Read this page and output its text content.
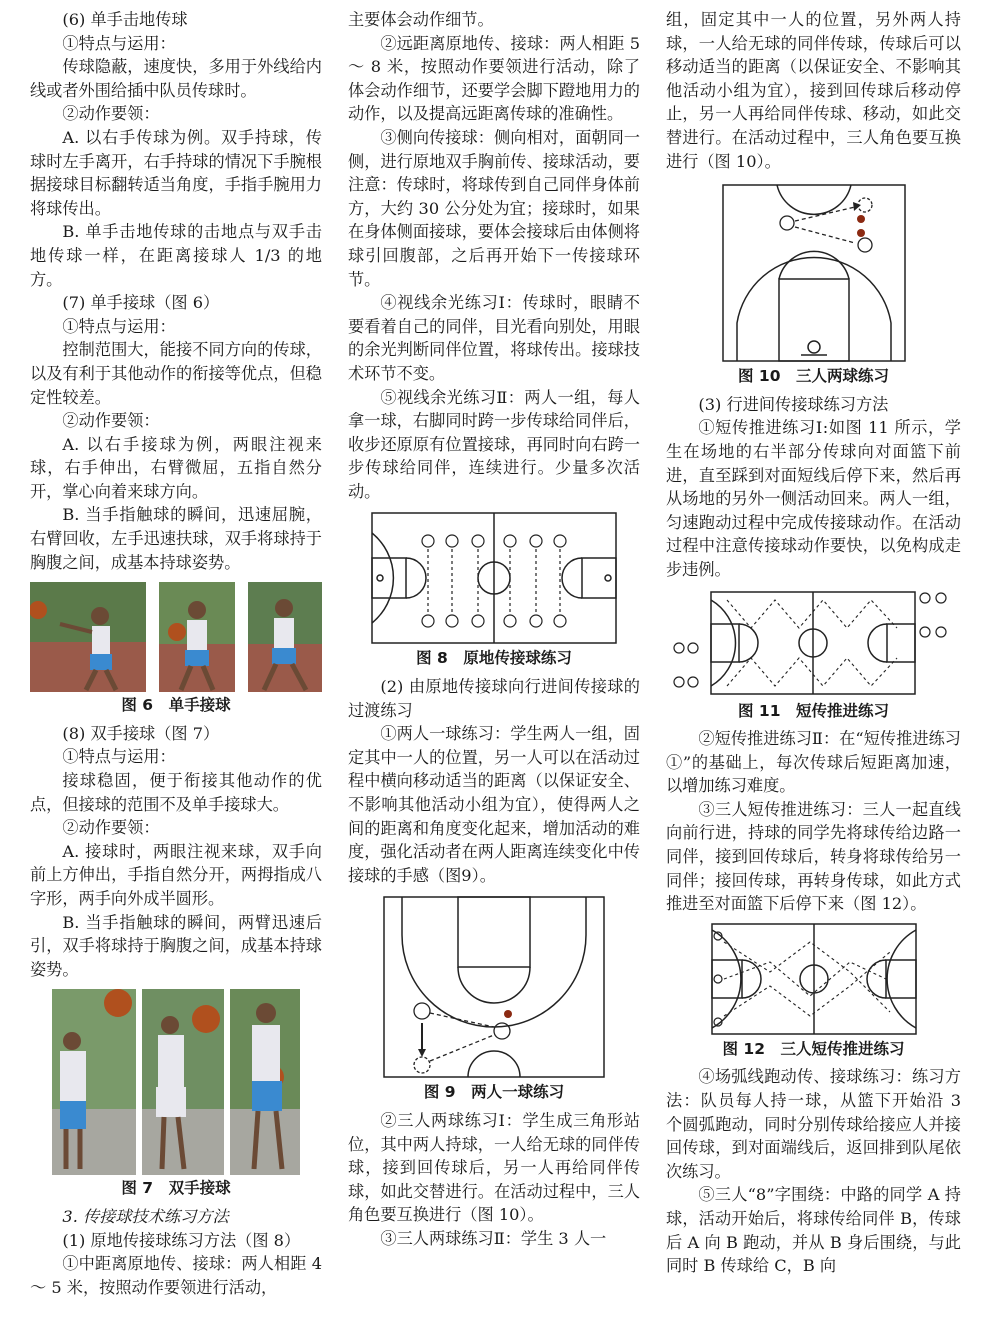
(6) 单手击地传球

①特点与运用：

传球隐蔽，速度快，多用于外线给内线或者外围给插中队员传球时。

②动作要领：

A. 以右手传球为例。双手持球，传球时左手离开，右手持球的情况下手腕根据接球目标翻转适当角度，手指手腕用力将球传出。

B. 单手击地传球的击地点与双手击地传球一样，在距离接球人 1/3 的地方。

(7) 单手接球（图 6）

①特点与运用：

控制范围大，能接不同方向的传球，以及有利于其他动作的衔接等优点，但稳定性较差。

②动作要领：

A. 以右手接球为例，两眼注视来球，右手伸出，右臂微屈，五指自然分开，掌心向着来球方向。

B. 当手指触球的瞬间，迅速屈腕，右臂回收，左手迅速扶球，双手将球持于胸腹之间，成基本持球姿势。

图 6　单手接球

(8) 双手接球（图 7）

①特点与运用：

接球稳固，便于衔接其他动作的优点，但接球的范围不及单手接球大。

②动作要领：

A. 接球时，两眼注视来球，双手向前上方伸出，手指自然分开，两拇指成八字形，两手向外成半圆形。

B. 当手指触球的瞬间，两臂迅速后引，双手将球持于胸腹之间，成基本持球姿势。

图 7　双手接球

3. 传接球技术练习方法

(1) 原地传接球练习方法（图 8）

①中距离原地传、接球：两人相距 4 ～ 5 米，按照动作要领进行活动，

主要体会动作细节。

②远距离原地传、接球：两人相距 5 ～ 8 米，按照动作要领进行活动，除了体会动作细节，还要学会脚下蹬地用力的动作，以及提高远距离传球的准确性。

③侧向传接球：侧向相对，面朝同一侧，进行原地双手胸前传、接球活动，要注意：传球时，将球传到自己同伴身体前方，大约 30 公分处为宜；接球时，如果在身体侧面接球，要体会接球后由体侧将球引回腹部，之后再开始下一传接球环节。

④视线余光练习Ⅰ：传球时，眼睛不要看着自己的同伴，目光看向别处，用眼的余光判断同伴位置，将球传出。接球技术环节不变。

⑤视线余光练习Ⅱ：两人一组，每人拿一球，右脚同时跨一步传球给同伴后，收步还原原有位置接球，再同时向右跨一步传球给同伴，连续进行。少量多次活动。

图 8　原地传接球练习

(2) 由原地传接球向行进间传接球的过渡练习

①两人一球练习：学生两人一组，固定其中一人的位置，另一人可以在活动过程中横向移动适当的距离（以保证安全、不影响其他活动小组为宜），使得两人之间的距离和角度变化起来，增加活动的难度，强化活动者在两人距离连续变化中传接球的手感（图9）。

图 9　两人一球练习

②三人两球练习Ⅰ：学生成三角形站位，其中两人持球，一人给无球的同伴传球，接到回传球后，另一人再给同伴传球，如此交替进行。在活动过程中，三人角色要互换进行（图 10）。

③三人两球练习Ⅱ：学生 3 人一

组，固定其中一人的位置，另外两人持球，一人给无球的同伴传球，传球后可以移动适当的距离（以保证安全、不影响其他活动小组为宜），接到回传球后移动停止，另一人再给同伴传球、移动，如此交替进行。在活动过程中，三人角色要互换进行（图 10）。

图 10　三人两球练习

(3) 行进间传接球练习方法

①短传推进练习Ⅰ:如图 11 所示，学生在场地的右半部分传球向对面篮下前进，直至踩到对面短线后停下来，然后再从场地的另外一侧活动回来。两人一组，匀速跑动过程中完成传接球动作。在活动过程中注意传接球动作要快，以免构成走步违例。

图 11　短传推进练习

②短传推进练习Ⅱ：在“短传推进练习①”的基础上，每次传球后短距离加速，以增加练习难度。

③三人短传推进练习：三人一起直线向前行进，持球的同学先将球传给边路一同伴，接到回传球后，转身将球传给另一同伴；接回传球，再转身传球，如此方式推进至对面篮下后停下来（图 12）。

图 12　三人短传推进练习

④场弧线跑动传、接球练习：练习方法：队员每人持一球，从篮下开始沿 3 个圆弧跑动，同时分别传球给接应人并接回传球，到对面端线后，返回排到队尾依次练习。

⑤三人“8”字围绕：中路的同学 A 持球，活动开始后，将球传给同伴 B，传球后 A 向 B 跑动，并从 B 身后围绕，与此同时 B 传球给 C，B 向
